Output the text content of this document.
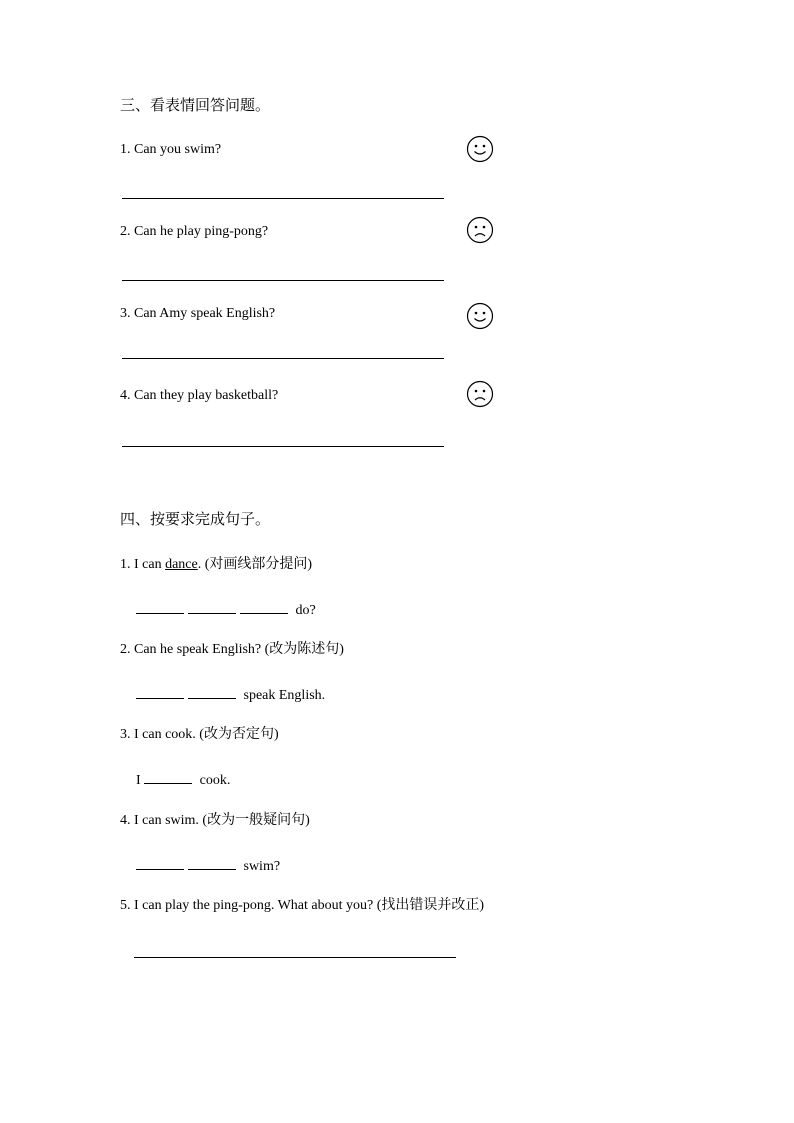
三、看表情回答问题。
1. Can you swim?
2. Can he play ping-pong?
3. Can Amy speak English?
4. Can they play basketball?
四、按要求完成句子。
1. I can dance. (对画线部分提问)
do?
2. Can he speak English? (改为陈述句)
speak English.
3. I can cook. (改为否定句)
I	cook.
4. I can swim. (改为一般疑问句)
swim?
5. I can play the ping-pong. What about you? (找出错误并改正)
